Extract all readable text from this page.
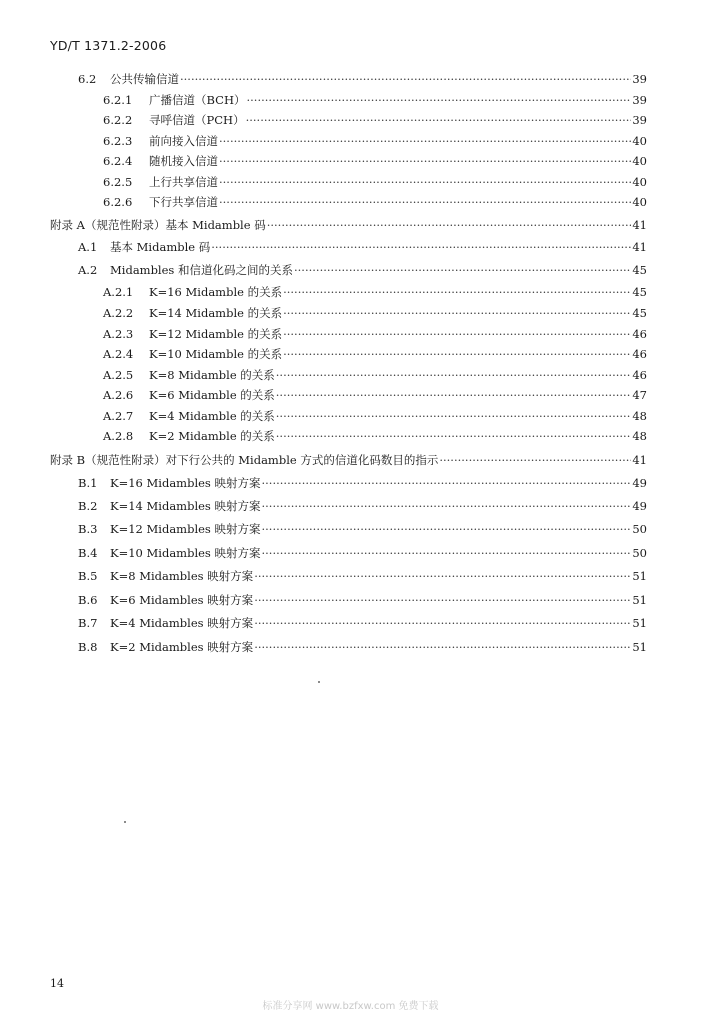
YD/T 1371.2-2006
6.2	公共传输信道 ·····	39
6.2.1	广播信道（BCH） ·····	39
6.2.2	寻呼信道（PCH） ·····	39
6.2.3	前向接入信道 ·····	40
6.2.4	随机接入信道 ·····	40
6.2.5	上行共享信道 ·····	40
6.2.6	下行共享信道 ·····	40
附录 A（规范性附录）基本 Midamble 码 ·····	41
A.1	基本 Midamble 码 ·····	41
A.2	Midambles 和信道化码之间的关系 ·····	45
A.2.1	K=16 Midamble 的关系 ·····	45
A.2.2	K=14 Midamble 的关系 ·····	45
A.2.3	K=12 Midamble 的关系 ·····	46
A.2.4	K=10 Midamble 的关系 ·····	46
A.2.5	K=8 Midamble 的关系 ·····	46
A.2.6	K=6 Midamble 的关系 ·····	47
A.2.7	K=4 Midamble 的关系 ·····	48
A.2.8	K=2 Midamble 的关系 ·····	48
附录 B（规范性附录）对下行公共的 Midamble 方式的信道化码数目的指示 ·····	41
B.1	K=16 Midambles 映射方案 ·····	49
B.2	K=14 Midambles 映射方案 ·····	49
B.3	K=12 Midambles 映射方案 ·····	50
B.4	K=10 Midambles 映射方案 ·····	50
B.5	K=8 Midambles 映射方案 ·····	51
B.6	K=6 Midambles 映射方案 ·····	51
B.7	K=4 Midambles 映射方案 ·····	51
B.8	K=2 Midambles 映射方案 ·····	51
14
标准分享网 www.bzfxw.com 免费下载
